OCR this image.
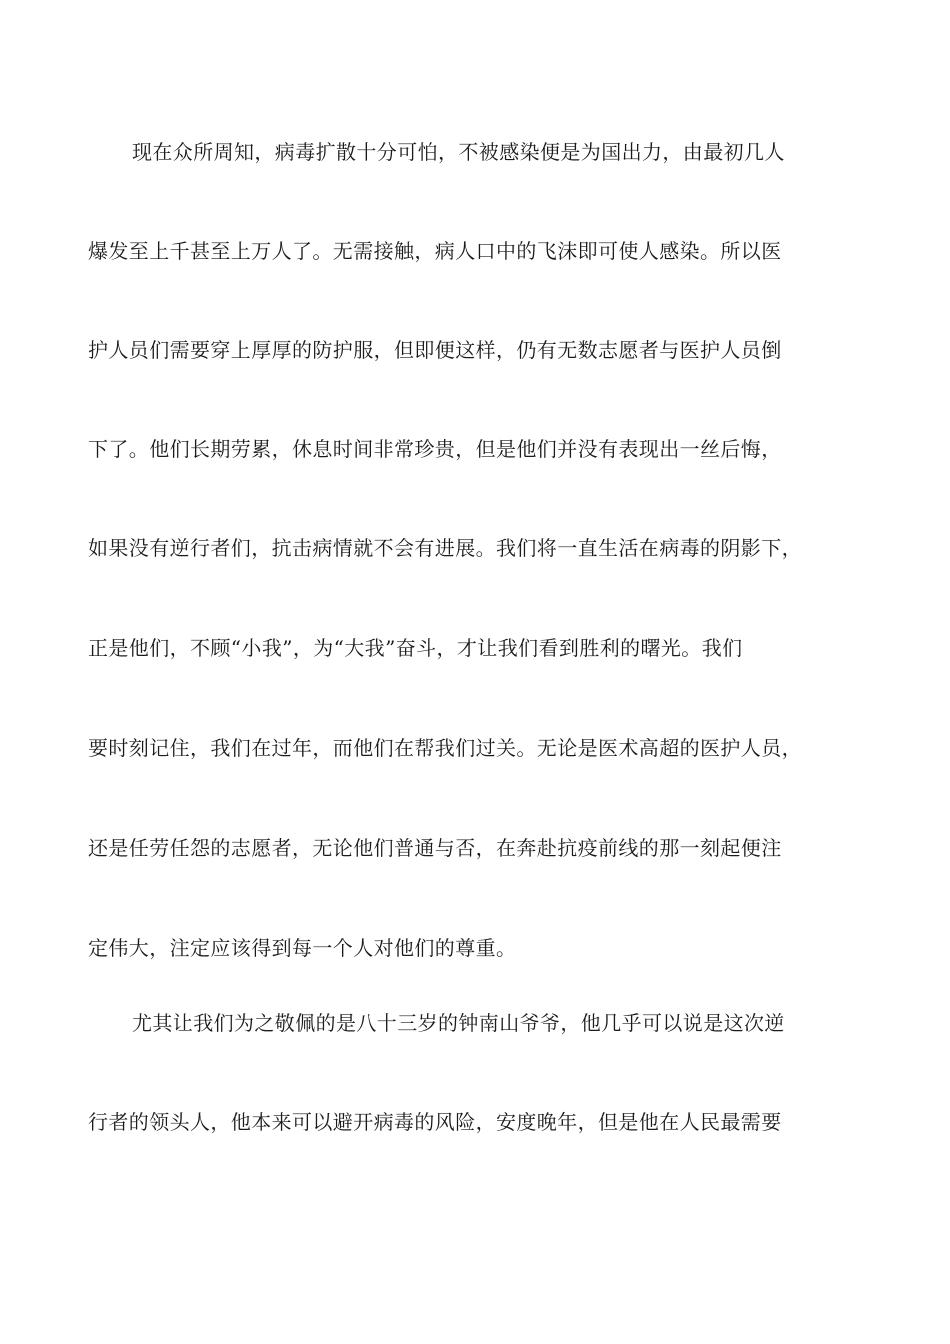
现在众所周知，病毒扩散十分可怕，不被感染便是为国出力，由最初几人
爆发至上千甚至上万人了。无需接触，病人口中的飞沫即可使人感染。所以医
护人员们需要穿上厚厚的防护服，但即便这样，仍有无数志愿者与医护人员倒
下了。他们长期劳累，休息时间非常珍贵，但是他们并没有表现出一丝后悔，
如果没有逆行者们，抗击病情就不会有进展。我们将一直生活在病毒的阴影下，
正是他们，不顾“小我”，为“大我”奋斗，才让我们看到胜利的曙光。我们
要时刻记住，我们在过年，而他们在帮我们过关。无论是医术高超的医护人员，
还是任劳任怨的志愿者，无论他们普通与否，在奔赴抗疫前线的那一刻起便注
定伟大，注定应该得到每一个人对他们的尊重。
尤其让我们为之敬佩的是八十三岁的钟南山爷爷，他几乎可以说是这次逆
行者的领头人，他本来可以避开病毒的风险，安度晚年，但是他在人民最需要
